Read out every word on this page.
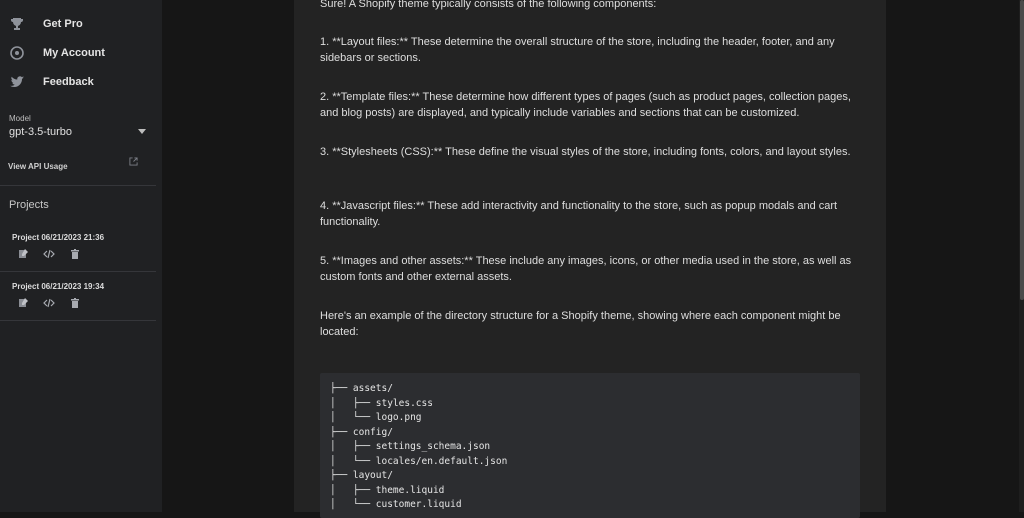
Get Pro
My Account
Feedback
Model
gpt-3.5-turbo
View API Usage
Projects
Project 06/21/2023 21:36
Project 06/21/2023 19:34
Sure! A Shopify theme typically consists of the following components:
1. **Layout files:** These determine the overall structure of the store, including the header, footer, and any sidebars or sections.
2. **Template files:** These determine how different types of pages (such as product pages, collection pages, and blog posts) are displayed, and typically include variables and sections that can be customized.
3. **Stylesheets (CSS):** These define the visual styles of the store, including fonts, colors, and layout styles.
4. **Javascript files:** These add interactivity and functionality to the store, such as popup modals and cart functionality.
5. **Images and other assets:** These include any images, icons, or other media used in the store, as well as custom fonts and other external assets.
Here's an example of the directory structure for a Shopify theme, showing where each component might be located:
├── assets/
│   ├── styles.css
│   └── logo.png
├── config/
│   ├── settings_schema.json
│   └── locales/en.default.json
├── layout/
│   ├── theme.liquid
│   └── customer.liquid
